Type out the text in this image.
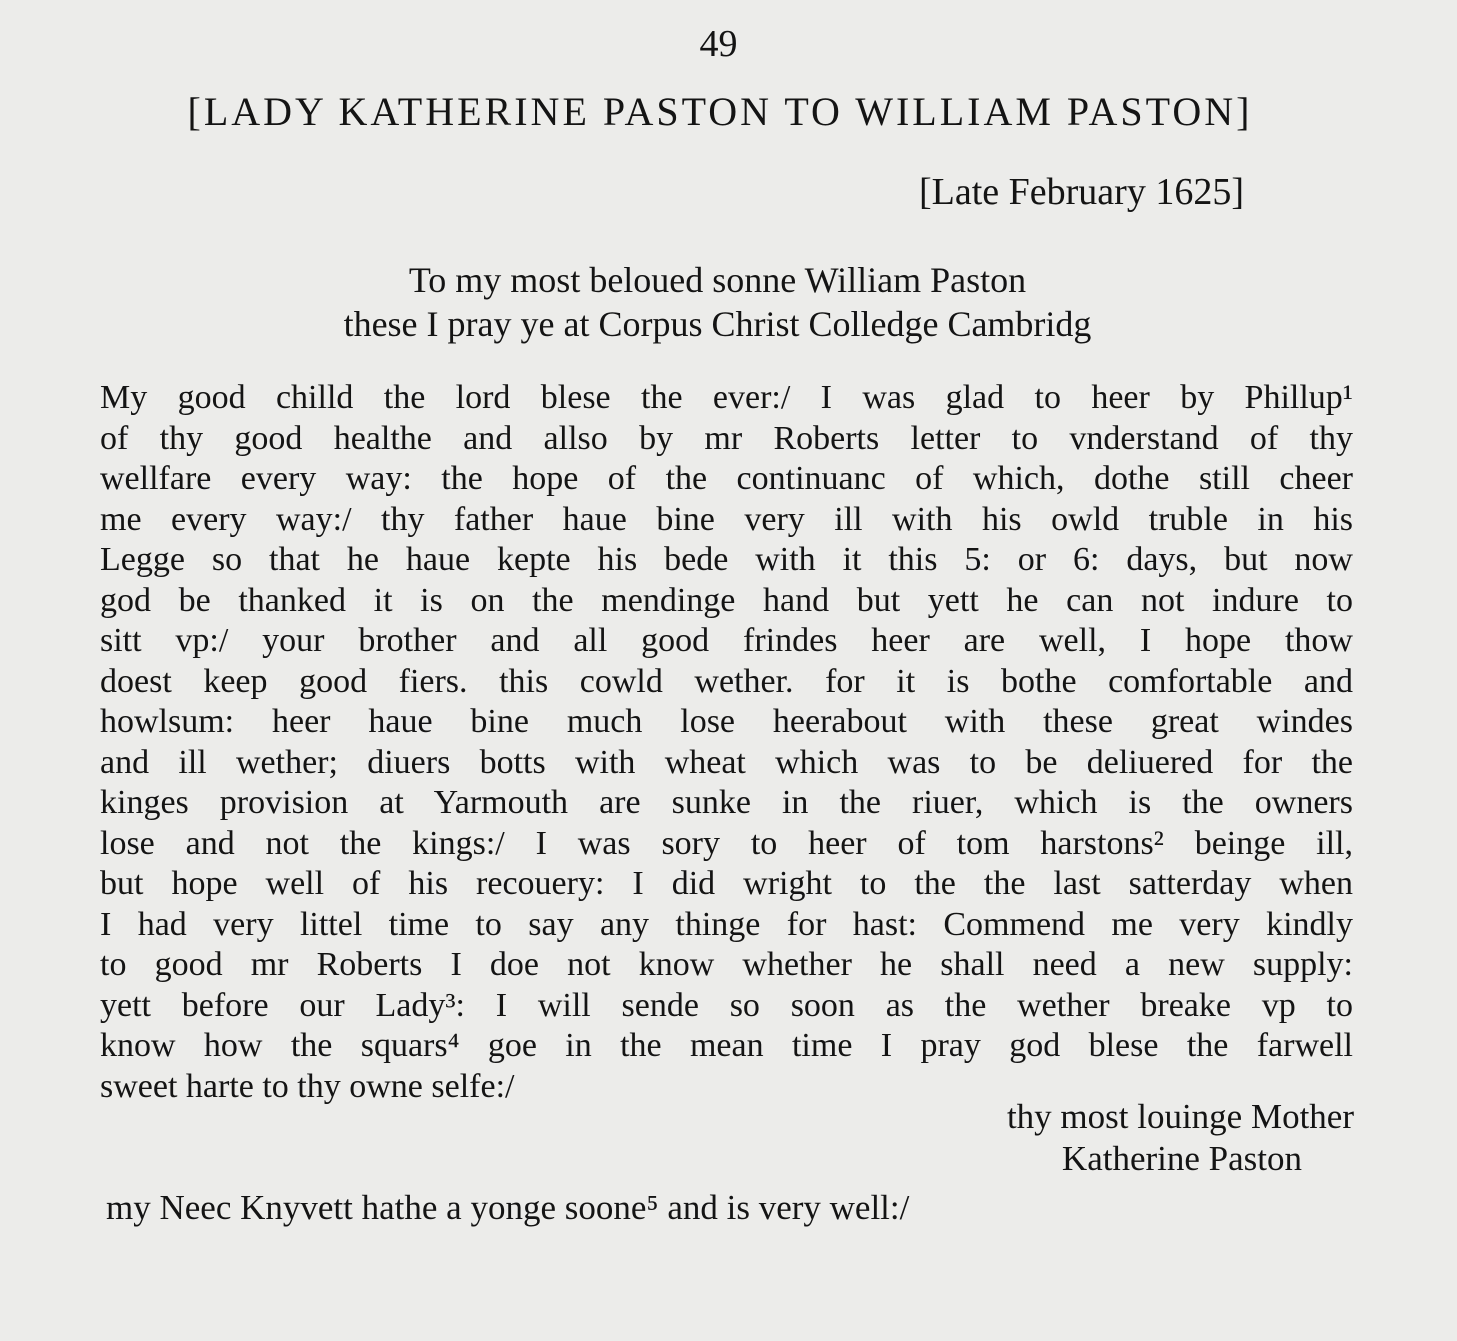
49
[LADY KATHERINE PASTON TO WILLIAM PASTON]
[Late February 1625]
To my most beloued sonne William Paston
these I pray ye at Corpus Christ Colledge Cambridg
My good chilld the lord blese the ever:/ I was glad to heer by Phillup¹
of thy good healthe and allso by mr Roberts letter to vnderstand of thy
wellfare every way: the hope of the continuanc of which, dothe still cheer
me every way:/ thy father haue bine very ill with his owld truble in his
Legge so that he haue kepte his bede with it this 5: or 6: days, but now
god be thanked it is on the mendinge hand but yett he can not indure to
sitt vp:/ your brother and all good frindes heer are well, I hope thow
doest keep good fiers. this cowld wether. for it is bothe comfortable and
howlsum: heer haue bine much lose heerabout with these great windes
and ill wether; diuers botts with wheat which was to be deliuered for the
kinges provision at Yarmouth are sunke in the riuer, which is the owners
lose and not the kings:/ I was sory to heer of tom harstons² beinge ill,
but hope well of his recouery: I did wright to the the last satterday when
I had very littel time to say any thinge for hast: Commend me very kindly
to good mr Roberts I doe not know whether he shall need a new supply:
yett before our Lady³: I will sende so soon as the wether breake vp to
know how the squars⁴ goe in the mean time I pray god blese the farwell
sweet harte to thy owne selfe:/
thy most louinge Mother
Katherine Paston
my Neec Knyvett hathe a yonge soone⁵ and is very well:/
